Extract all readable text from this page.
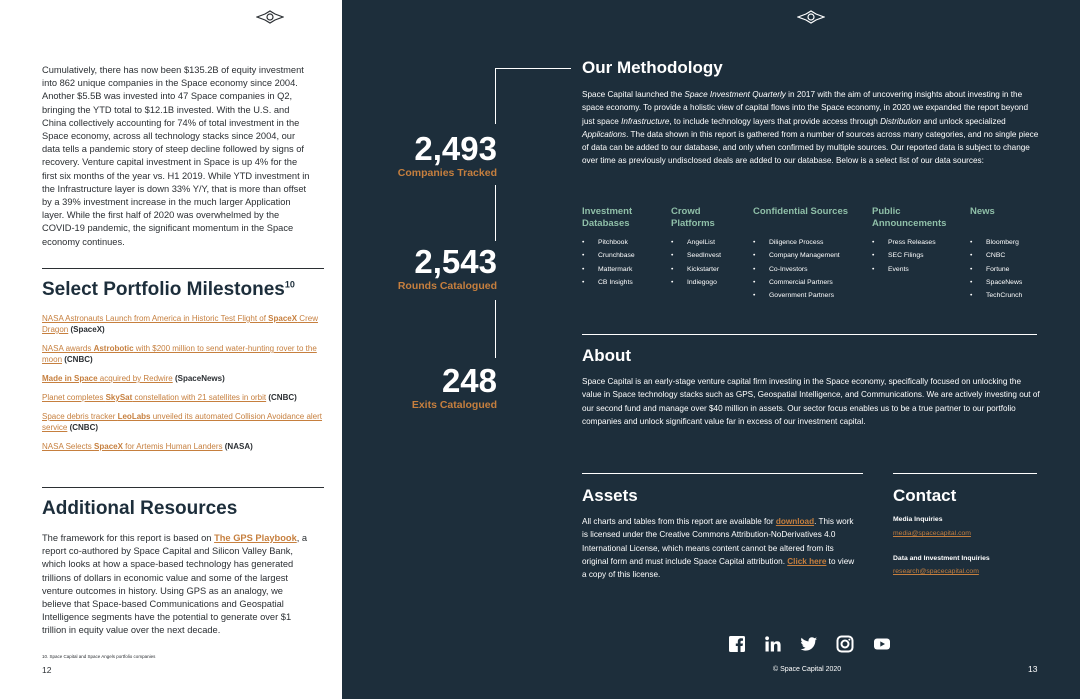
Cumulatively, there has now been $135.2B of equity investment into 862 unique companies in the Space economy since 2004. Another $5.5B was invested into 47 Space companies in Q2, bringing the YTD total to $12.1B invested. With the U.S. and China collectively accounting for 74% of total investment in the Space economy, across all technology stacks since 2004, our data tells a pandemic story of steep decline followed by signs of recovery. Venture capital investment in Space is up 4% for the first six months of the year vs. H1 2019. While YTD investment in the Infrastructure layer is down 33% Y/Y, that is more than offset by a 39% investment increase in the much larger Application layer. While the first half of 2020 was overwhelmed by the COVID-19 pandemic, the significant momentum in the Space economy continues.

Select Portfolio Milestones$^{10}$
NASA Astronauts Launch from America in Historic Test Flight of SpaceX Crew Dragon (SpaceX)
NASA awards Astrobotic with $200 million to send water-hunting rover to the moon (CNBC)
Made in Space acquired by Redwire (SpaceNews)
Planet completes SkySat constellation with 21 satellites in orbit (CNBC)
Space debris tracker LeoLabs unveiled its automated Collision Avoidance alert service (CNBC)
NASA Selects SpaceX for Artemis Human Landers (NASA)
Additional Resources

The framework for this report is based on The GPS Playbook, a report co-authored by Space Capital and Silicon Valley Bank, which looks at how a space-based technology has generated trillions of dollars in economic value and some of the largest venture outcomes in history. Using GPS as an analogy, we believe that Space-based Communications and Geospatial Intelligence segments have the potential to generate over $1 trillion in equity value over the next decade.

10. Space Capital and Space Angels portfolio companies
12
2,493
Companies Tracked
2,543
Rounds Catalogued
248
Exits Catalogued
Our Methodology

Space Capital launched the Space Investment Quarterly in 2017 with the aim of uncovering insights about investing in the space economy. To provide a holistic view of capital flows into the Space economy, in 2020 we expanded the report beyond just space Infrastructure, to include technology layers that provide access through Distribution and unlock specialized Applications. The data shown in this report is gathered from a number of sources across many categories, and no single piece of data can be added to our database, and only when confirmed by multiple sources. Our reported data is subject to change over time as previously undisclosed deals are added to our database. Below is a select list of our data sources:

Investment Databases
• Pitchbook
• Crunchbase
• Mattermark
• CB Insights
Crowd Platforms
• AngelList
• SeedInvest
• Kickstarter
• Indiegogo
Confidential Sources
• Diligence Process
• Company Management
• Co-Investors
• Commercial Partners
• Government Partners
Public Announcements
• Press Releases
• SEC Filings
• Events
News
• Bloomberg
• CNBC
• Fortune
• SpaceNews
• TechCrunch
About

Space Capital is an early-stage venture capital firm investing in the Space economy, specifically focused on unlocking the value in Space technology stacks such as GPS, Geospatial Intelligence, and Communications. We are actively investing out of our second fund and manage over $40 million in assets. Our sector focus enables us to be a true partner to our portfolio companies and unlock significant value far in excess of our investment capital.

Assets

All charts and tables from this report are available for download. This work is licensed under the Creative Commons Attribution-NoDerivatives 4.0 International License, which means content cannot be altered from its original form and must include Space Capital attribution. Click here to view a copy of this license.

Contact
Media Inquiries
media@spacecapital.com
Data and Investment Inquiries
research@spacecapital.com
© Space Capital 2020	13
